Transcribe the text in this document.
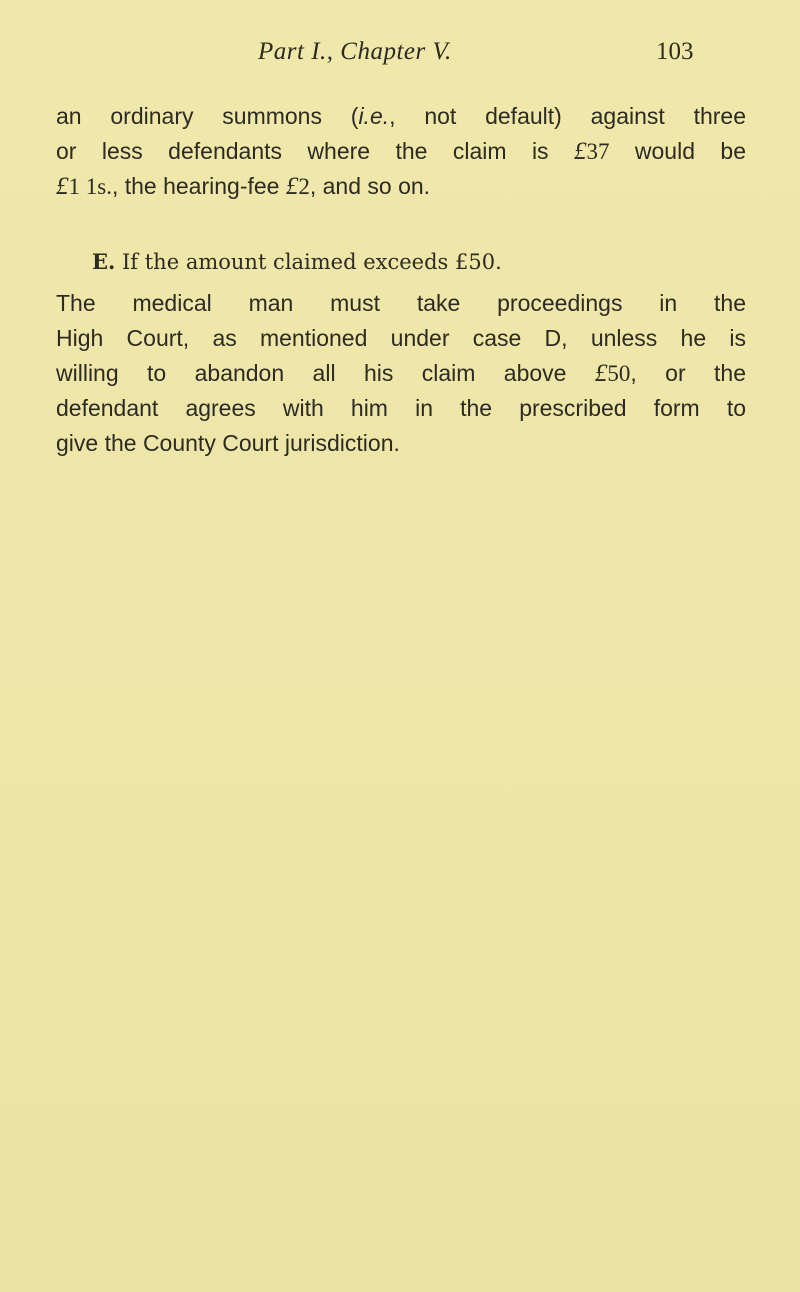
Part I., Chapter V.	103
an ordinary summons (i.e., not default) against three
or less defendants where the claim is £37 would be
£1 1s., the hearing-fee £2, and so on.
E. If the amount claimed exceeds £50.
The medical man must take proceedings in the
High Court, as mentioned under case D, unless he is
willing to abandon all his claim above £50, or the
defendant agrees with him in the prescribed form to
give the County Court jurisdiction.
